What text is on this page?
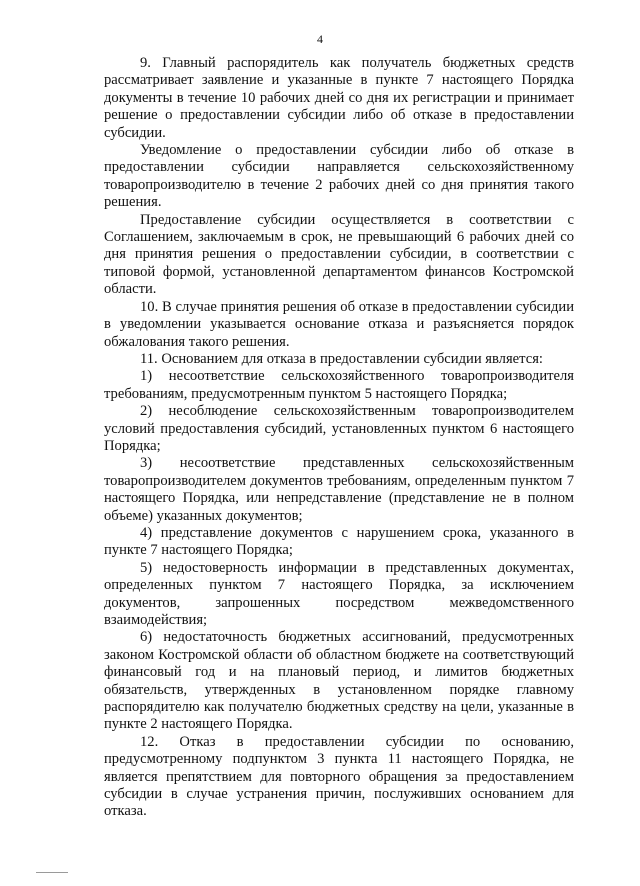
4

9. Главный распорядитель как получатель бюджетных средств рассматривает заявление и указанные в пункте 7 настоящего Порядка документы в течение 10 рабочих дней со дня их регистрации и принимает решение о предоставлении субсидии либо об отказе в предоставлении субсидии.

Уведомление о предоставлении субсидии либо об отказе в предоставлении субсидии направляется сельскохозяйственному товаропроизводителю в течение 2 рабочих дней со дня принятия такого решения.

Предоставление субсидии осуществляется в соответствии с Соглашением, заключаемым в срок, не превышающий 6 рабочих дней со дня принятия решения о предоставлении субсидии, в соответствии с типовой формой, установленной департаментом финансов Костромской области.

10. В случае принятия решения об отказе в предоставлении субсидии в уведомлении указывается основание отказа и разъясняется порядок обжалования такого решения.

11. Основанием для отказа в предоставлении субсидии является:

1) несоответствие сельскохозяйственного товаропроизводителя требованиям, предусмотренным пунктом 5 настоящего Порядка;

2) несоблюдение сельскохозяйственным товаропроизводителем условий предоставления субсидий, установленных пунктом 6 настоящего Порядка;

3) несоответствие представленных сельскохозяйственным товаропроизводителем документов требованиям, определенным пунктом 7 настоящего Порядка, или непредставление (представление не в полном объеме) указанных документов;

4) представление документов с нарушением срока, указанного в пункте 7 настоящего Порядка;

5) недостоверность информации в представленных документах, определенных пунктом 7 настоящего Порядка, за исключением документов, запрошенных посредством межведомственного взаимодействия;

6) недостаточность бюджетных ассигнований, предусмотренных законом Костромской области об областном бюджете на соответствующий финансовый год и на плановый период, и лимитов бюджетных обязательств, утвержденных в установленном порядке главному распорядителю как получателю бюджетных средству на цели, указанные в пункте 2 настоящего Порядка.

12. Отказ в предоставлении субсидии по основанию, предусмотренному подпунктом 3 пункта 11 настоящего Порядка, не является препятствием для повторного обращения за предоставлением субсидии в случае устранения причин, послуживших основанием для отказа.
